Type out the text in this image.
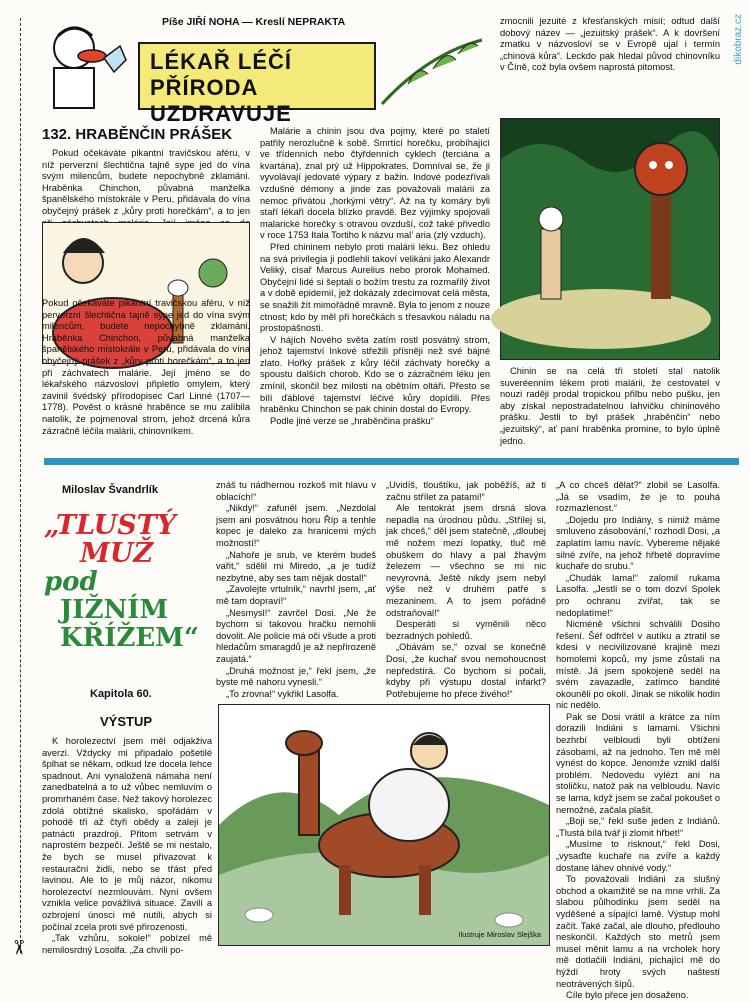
✂
dikobraz.cz
Píše JIŘÍ NOHA — Kreslí NEPRAKTA
LÉKAŘ LÉČÍ
PŘÍRODA UZDRAVUJE
132. HRABĚNČIN PRÁŠEK

Pokud očekáváte pikantní travičskou aféru, v níž perverzní šlechtična tajně sype jed do vína svým milencům, budete nepochybně zklamáni. Hraběnka Chinchon, půvabná manželka španělského místokrále v Peru, přidávala do vína obyčejný prášek z „kůry proti horečkám“, a to jen

Pokud očekáváte pikantní travičskou aféru, v níž perverzní šlechtična tajně sype jed do vína svým milencům, budete nepochybně zklamáni. Hraběnka Chinchon, půvabná manželka španělského místokrále v Peru, přidávala do vína obyčejný prášek z „kůry proti horečkám“, a to jen při záchvatech malárie. Její jméno se do lékařského názvosloví připletlo omylem, který zavinil švédský přírodopisec Carl Linné (1707—1778). Pověst o krásné hraběnce se mu zalíbila natolik, že pojmenoval strom, jehož drcená kůra zázračně léčila malárii, chinovníkem.

Malárie a chinin jsou dva pojmy, které po staletí patřily nerozlučně k sobě. Smrtící horečku, probíhající ve třídenních nebo čtyřdenních cyklech (terciána a kvartána), znal prý už Hippokrates. Domníval se, že ji vyvolávají jedovaté výpary z bažin. Indové podezřívali vzdušné démony a jinde zas považovali malárii za nemoc přivátou „horkými větry“. Až na ty komáry byli staří lékaři docela blízko pravdě. Bez výjimky spojovali malarické horečky s otravou ovzduší, což také přivedlo v roce 1753 Itala Tortiho k názvu mal’ aria (zlý vzduch).

Před chininem nebylo proti malárii léku. Bez ohledu na svá privilegia ji podlehli takoví velikáni jako Alexandr Veliký, císař Marcus Aurelius nebo prorok Mohamed. Obyčejní lidé si šeptali o božím trestu za rozmařilý život a v době epidemií, jež dokázaly zdecimovat celá města, se snažili žít mimořádně mravně. Byla to jenom z nouze ctnost; kdo by měl při horečkách s třesavkou náladu na prostopášnosti.

V hájích Nového světa zatím rostl posvátný strom, jehož tajemství Inkové střežili přísněji než své bájné zlato. Hořký prášek z kůry léčil záchvaty horečky a spoustu dalších chorob. Kdo se o zázračném léku jen zmínil, skončil bez milosti na obětním oltáři. Přesto se bílí ďáblové tajemství léčivé kůry dopídili. Přes hraběnku Chinchon se pak chinin dostal do Evropy.

Podle jiné verze se „hraběnčina prášku“

zmocnili jezuité z křesťanských misií; odtud další dobový název — „jezuitský prášek“. A k dovršení zmatku v názvosloví se v Evropě ujal i termín „chinová kůra“. Leckdo pak hledal původ chinovníku v Číně, což byla ovšem naprostá pitomost.

Chinin se na celá tři století stal natolik suveréenním lékem proti malárii, že cestovatel v nouzi raději prodal tropickou přilbu nebo pušku, jen aby získal nepostradatelnou lahvičku chininového prášku. Jestli to byl prášek „hraběnčin“ nebo „jezuitský“, ať paní hraběnka promine, to bylo úplně jedno.

Miloslav Švandrlík
„TLUSTÝ
MUŽ
pod
JIŽNÍM
KŘÍŽEM“
Kapitola 60.
VÝSTUP

K horolezectví jsem měl odjakživa averzi. Vždycky mi připadalo pošetilé šplhat se někam, odkud lze docela lehce spadnout. Ani vynaložená námaha není zanedbatelná a to už vůbec nemluvím o promrhaném čase. Než takový horolezec zdolá obtížné skalisko, spořádám v pohodě tři až čtyři obědy a zaleji je patnácti prazdroji. Přitom setrvám v naprostém bezpečí. Ještě se mi nestalo, že bych se musel přivazovat k restaurační židli, nebo se třást před lavinou. Ale to je můj názor, nikomu horolezectví nezmlouvám. Nyní ovšem vznikla velice povážlivá situace. Zavilí a ozbrojení únosci mě nutili, abych si počínal zcela proti své přirozenosti.

„Tak vzhůru, sokole!“ pobízel mě nemilosrdný Losolfa. „Za chvíli po-

znáš tu nádhernou rozkoš mít hlavu v oblacích!“

„Nikdy!“ zafuněl jsem. „Nezdolal jsem ani posvátnou horu Říp a tenhle kopec je daleko za hranicemi mých možností!“

„Nahoře je srub, ve kterém budeš vařit,“ sdělil mi Miredo, „a je tudíž nezbytné, aby ses tam nějak dostal!“

„Zavolejte vrtulník,“ navrhl jsem, „ať mě tam dopraví!“

„Nesmysl!“ zavrčel Dosi. „Ne že bychom si takovou hračku nemohli dovolit. Ale policie má oči všude a proti hledačům smaragdů je až nepřirozeně zaujatá.“

„Druhá možnost je,“ řekl jsem, „že byste mě nahoru vynesli.“

„To zrovna!“ vykřikl Lasolfa.

„Uvidíš, tlouštíku, jak poběžíš, až ti začnu střílet za patami!“

Ale tentokrát jsem drsná slova nepadla na úrodnou půdu. „Střílej si, jak chceš,“ děl jsem statečně, „dloubej mě nožem mezi lopatky, tluč mě obuškem do hlavy a pal žhavým železem — všechno se mi nic nevyrovná. Ještě nikdy jsem nebyl výše než v druhém patře s mezaninem. A to jsem pořádně odstraňoval!“

Desperáti si vyměnili něco bezradných pohledů.

„Obávám se,“ ozval se konečně Dosi, „že kuchař svou nemohoucnost nepředstírá. Co bychom si počali, kdyby při výstupu dostal infarkt? Potřebujeme ho přece živého!“

Ilustruje Miroslav Slejška

„A co chceš dělat?“ zlobil se Lasolfa. „Já se vsadím, že je to pouhá rozmazlenost.“

„Dojedu pro Indiány, s nimiž máme smluveno zásobování,“ rozhodl Dosi, „a zaplatím lamu navíc. Vybereme nějaké silné zvíře, na jehož hřbetě dopravíme kuchaře do srubu.“

„Chudák lama!“ zalomil rukama Lasolfa. „Jestli se o tom dozví Spolek pro ochranu zvířat, tak se nedoplatíme!“

Nicméně všichni schválili Dosiho řešení. Šéf odfrčel v autíku a ztratil se kdesi v necivilizované krajině mezi homolemi kopců, my jsme zůstali na místě. Já jsem spokojeně seděl na svém zavazadle, zatímco bandité okouněli po okolí. Jinak se nikolik hodin nic nedělo.

Pak se Dosi vrátil a krátce za ním dorazili Indiáni s lamami. Všichni bezhrbí velbloudi byli obtíženi zásobami, až na jednoho. Ten mě měl vynést do kopce. Jenomže vznikl další problém. Nedovedu vylézt ani na stoličku, natož pak na velbloudu. Navíc se lama, když jsem se začal pokoušet o nemožné, začala plašit.

„Boji se,“ řekl suše jeden z Indiánů. „Tlustá bílá tvář ji zlomit hřbet!“

„Musíme to risknout,“ řekl Dosi, „vysaďte kuchaře na zvíře a každý dostane láhev ohnivé vody.“

To považovali Indiáni za slušný obchod a okamžitě se na mne vrhli. Za slabou půlhodinku jsem seděl na vyděšené a sípající lamě. Výstup mohl začít. Také začal, ale dlouho, předlouho neskončil. Každých sto metrů jsem musel měnit lamu a na vrcholek hory mě dotlačili Indiáni, pichající mě do hýždí hroty svých naštestí neotrávených šípů.

Cíle bylo přece jen dosaženo.
